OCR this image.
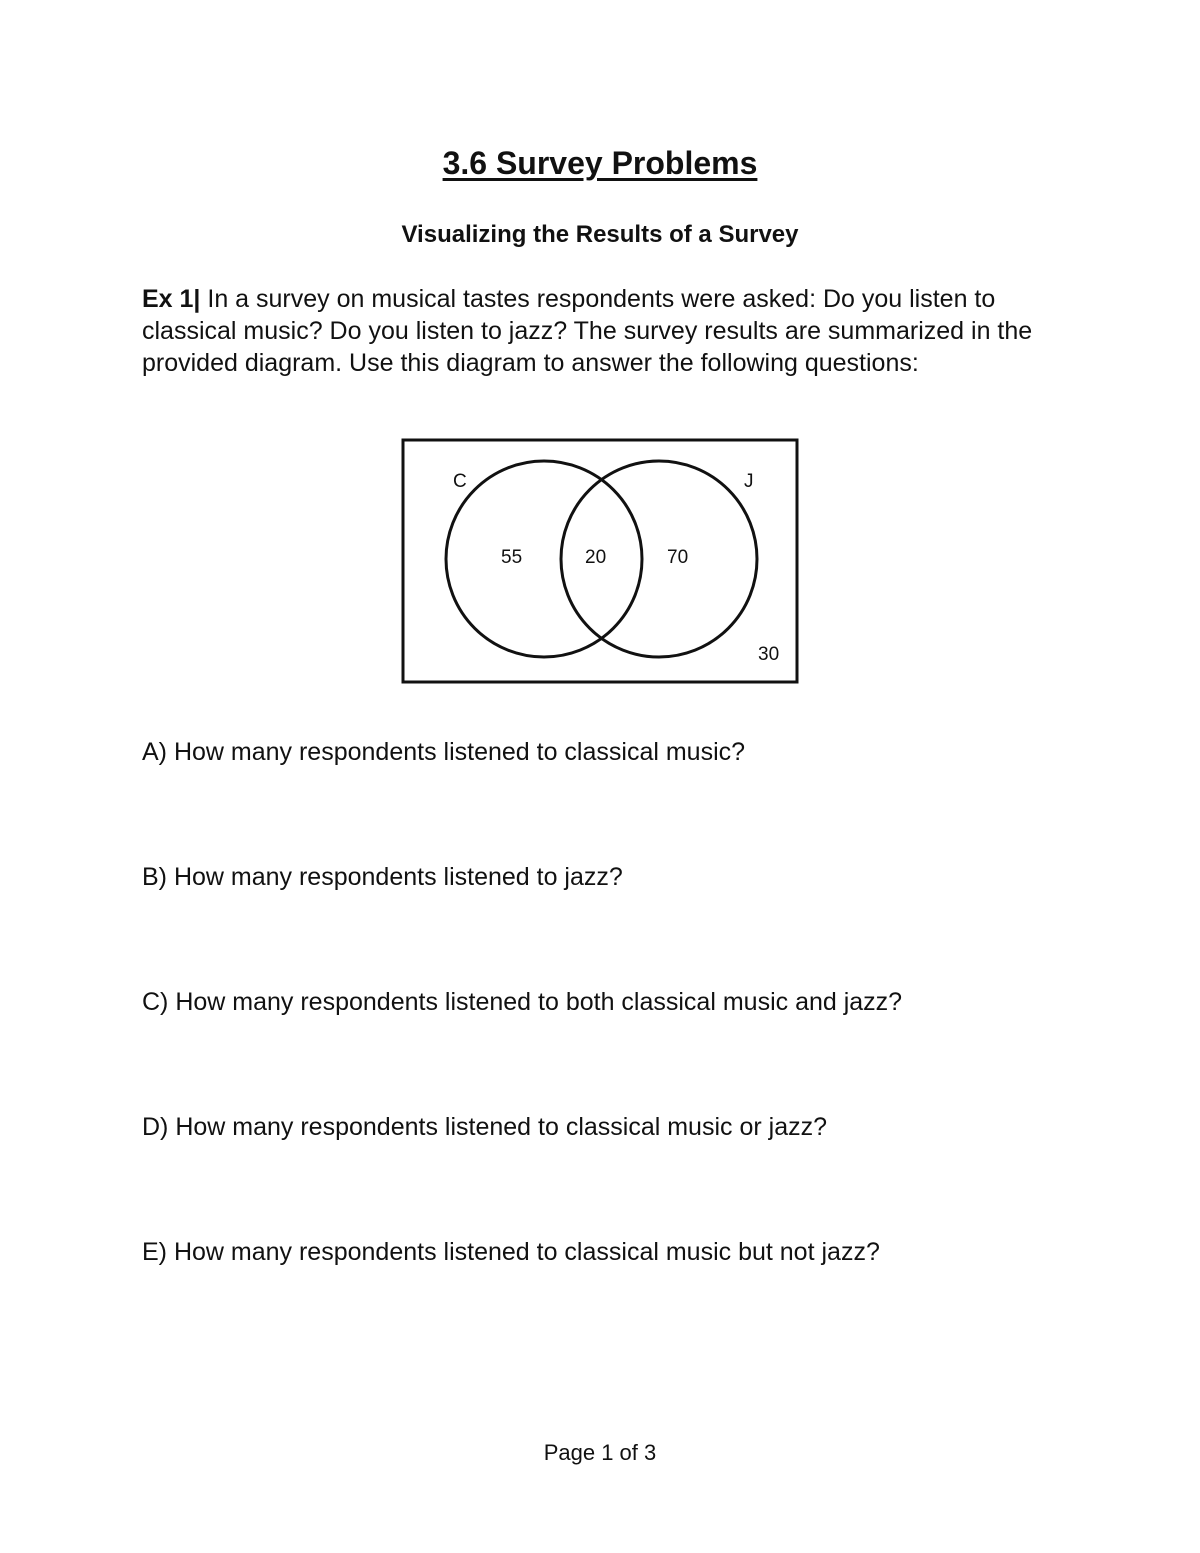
3.6 Survey Problems
Visualizing the Results of a Survey

Ex 1| In a survey on musical tastes respondents were asked: Do you listen to classical music? Do you listen to jazz? The survey results are summarized in the provided diagram. Use this diagram to answer the following questions:

C	J
55	20	70
30

A) How many respondents listened to classical music?

B) How many respondents listened to jazz?

C) How many respondents listened to both classical music and jazz?

D) How many respondents listened to classical music or jazz?

E) How many respondents listened to classical music but not jazz?

Page 1 of 3
